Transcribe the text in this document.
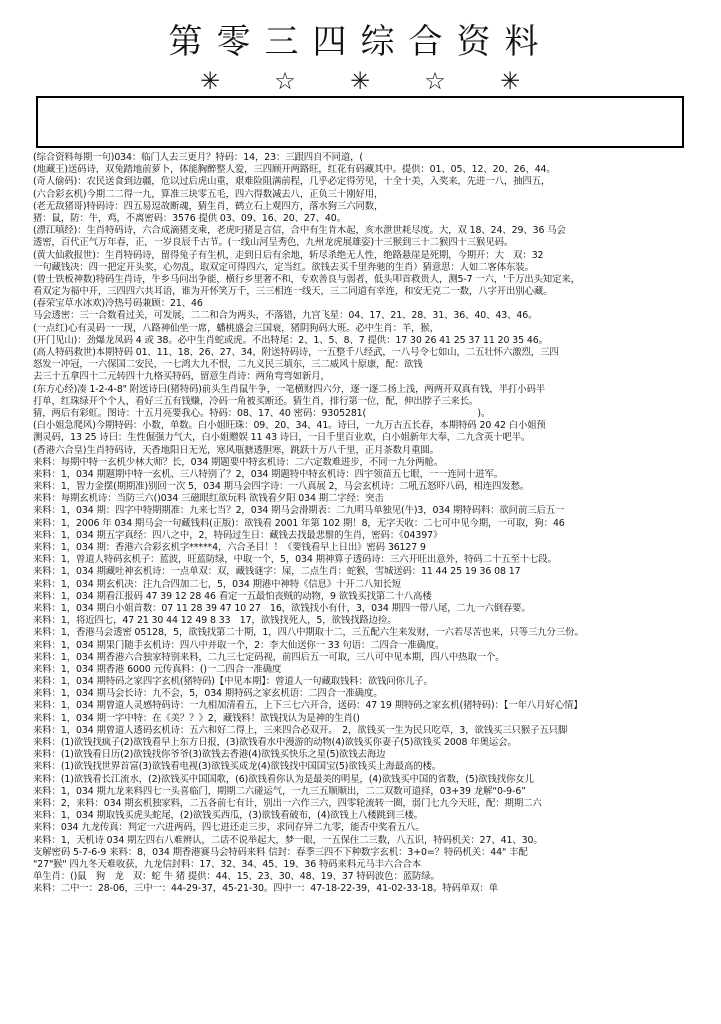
第零三四综合资料
✳	☆	✳	☆	✳
(综合资料每期一句)034：临门人去三更月？特码：14，23：三跟四自不同道，(
(地藏王)送码诗，双兔踏地前萝卜，体能胸醉整人爱，三四顾开两路旺，红花有码藏其中。提供：01、05、12、20、26、44。
(奇人偷码)：农民送食到边疆，危以过后虎山重，艰难险阻满前程，几乎必定得劳见，十全十美，入奖来，先进一八，抽四五，
(六合彩玄机)今期二二得一九，算准三块零五毛，四六得数减去八，正负三十刚好用，
(老无敌猪哥)特码诗：四五易逗故断魂，猜生肖，鹤立石上观四方，落水狗三六同数，
猪：鼠，防：牛，鸡，不离密码：3576 提供 03、09、16、20、27、40。
(漂江嗔经)：生肖特码诗，六合成滴猪支乘，老虎叼猪是言信，合中有生肯木起，亥水泄世耗尽度。大，双 18、24、29、36 马会
透密，百代正气万年春，正，一岁良辰千古节。(一线山河呈秀色，九州龙虎展雄姿)十三猴到三十二猴四十三猴见码。
(黄大仙救报世)：生肖特码诗，留得兔子有生机，走到日后有余地，斩尽杀绝无人性，绝路悬崖是死期，今期开：大　双：32
一句藏钱决：四一把定开头奖，心勿乱，取双定可得四六，定当红。欲钱去买千里奔驰的生肖）猜意思：人如二客体东装。
(曾士铁板神数)特码生肖诗，牛乡马问出争能，横行乡里奢不和，专欢善良与弱者，低头叩首救贵人，测5-7 一六，'千万出头知定来，
看双定为福中开，三四四六共耳语，谁为开怀笑万千，三三相连一线天，三二同道有幸连，和安无克二一数，八字开出别心藏。
(春荣宝草水冰欢)冷热号码兼顾：21、46
马会透密：三一合数看过关，可发展，二二和合为两头，不落错，九宫飞星：04、17、21、28、31、36、40、43、46。
(一点红)心有灵码一一现，八路神仙坐一席，蟠桃盛会三国衰，猪阴狗码大班。必中生肖：羊，猴，
(开门见山)：劲爆龙凤码 4 或 38。必中生肖蛇或虎。不出特尾：2、1、5、8、7 提供：17 30 26 41 25 37 11 20 35 46。
(高人特码救世)本期特码 01、11、18、26、27、34，附送特码诗，一五整千八经武，一八号令七如山，二五壮怀六激烈，三四
怒发一冲冠，一六保国二安民，一七鸿大九不恨，二九义民三填东，三二威风十原康，配：欲钱
去三十五拿四十二元转四十九格买特码，留意生肖诗：两角弯弯如新月，
(东方心经)凑 1-2-4-8" 附送诗曰(猪特码)前头生肖鼠牛争，一笔横财四六分，逐一逐二扬上浅，两两开双真有钱，半打小码半
打单，红珠绿开个个人，看好三五有钱赚，冷码一角被买断还。猜生肖，排行第一位，配，伸出脖子三来长。
猜，两后有彩虹。图诗：十五月亮要我心。特码：08、17、40 密码：9305281(　　　　　　　　　　　　)。
(白小姐急爬风)今期特码：小数，单数。白小姐旺珠：09、20、34、41。诗曰，一九万古五长春，本期特码 20 42 白小姐预
测灵码，13 25 诗曰：生性倔强力气大，白小姐赠娱 11 43 诗曰，一日千里百业欢，白小姐新年大奉，二九含英十吧半。
(香港六合皇)生肖特码诗，天香地阳日无光，寒风瓶搪透胆寒，跳跃十万八千里，正月茶数月重圆。
来料：每期中特一玄机少林大师？长，034 期题要中特玄机诗：二六定数难进步，不同一九分两舱。
来料：1，034 期题期中特一玄机、三八特别了？2，034 期题特中特玄机诗：四宇领苗五七眼，一一连同十进军。
来料：1，智力金摆(期期准)别回一次 5，034 期马会四字诗：一八真展 2，马会玄机诗：二吼五怒吓八码，相连四发愁。
来料：每期玄机诗：当防三六()034 三磁眼红欲玩料 欲钱看夕阳 034 期二字经：突击
来料：1，034 期：四字中特期期准：九来七当？2，034 期马会滑期表：二九明马单独见(牛)3，034 期特码料：欲问前三后五一
来料：1，2006 年 034 期马会一句藏钱料(正版)：欲钱看 2001 年第 102 期！8，无字天收：二七可中见今期，一可取，狗：46
来料：1，034 期五字真经：四八之中，2，特码过生日：藏钱去找最悲鬃的生肖，密码：《04397》
来料：1，034 期：香港六合彩玄机字*****4，六合圣目！！《要钱看早上日出》密码 36127 9
来料：1，曾道人特码玄机子：蓝波，旺蓝防绿，中取一个，5，034 期神算子透码诗：三六开旺出意外，特码二十五至十七段。
来料：1，034 期藏吐神玄机诗：一点单双：双，藏钱谜字：屎，二点生肖：蛇猴，雪城送码：11 44 25 19 36 08 17
来料：1，034 期玄机决：注九合四加二七，5，034 期港中神特《信息》十开二八知长短
来料：1，034 期看江报码 47 39 12 28 46 看定一五最怕丧贼的动物，9 欲钱买找第二十八高楼
来料：1，034 期白小姐首数：07 11 28 39 47 10 27　16，欲钱找小有什，3，034 期四一带八尾，二九一六倒春要。
来料：1，将近四七，47 21 30 44 12 49 8 33　17，欲钱找死人，5，欲钱找路边捡。
来料：1，香港马会透密 05128，5，欲钱找第二十期，1，四八中期取十二，三五配六生来发财，一六若尽苦也来，只等三九分三份。
来料：1，034 期果门随手玄机诗：四八中并取一个，2：李大仙送你一 33 句语：二四合一准确度。
来料：1，034 期香港六合独家特别来料，二九三七定码视，前四后五一可取，三八可中见本期，四八中热取一个。
来料：1，034 期香港 6000 元传真料：()一二四合一准确度
来料：1，034 期特码之家四字玄机(猪特码)【中见本期】：曾道人一句藏取钱料：欲钱问你儿子。
来料：1，034 期马会长诗：九不会，5，034 期特码之家玄机语：二四合一准确度。
来料：1，034 期曾道人灵感特码诗：一九相加清看五，上下三七六开合，送码：47 19 期特码之家玄机(猪特码)：【一年八月好心情】
来料：1，034 期一字中特：在《美？？》2，藏钱料！欲钱找认为是神的生肖()
来料：1，034 期曾道人透码玄机诗：五六和好二得上，三来四合必双开。　2，欲钱买一生为民只吃草，3，欲钱买三只猴子五只脚
来料：(1)欲钱找疯子(2)欲钱看早上东方日报，(3)欲钱看水中漫游的动物(4)欲钱买你妻子(5)欲钱买 2008 年奥运会。
来料：(1)欲钱看日历(2)欲钱找你爷爷(3)欲钱去香港(4)欲钱买快乐之星(5)欲钱去海边
来料：(1)欲钱找世界首富(3)欲钱看电视(3)欲钱买成龙(4)欲钱找中国国宝(5)欲钱买上海最高的楼。
来料：(1)欲钱看长江流水，(2)欲钱买中国国歌，(6)欲钱看你认为是最美的明星，(4)欲钱买中国的省数，(5)欲钱找你女儿
来料：1，034 期九龙来料四七一头喜临门，期期二六碰运气，一九三五顺顺出，二二双数可道择，03+39 龙解“0-9-6”
来料：2，来料：034 期玄机独家料，二五各前七有计，别出一六作三六，四零轮流转一圈，弱门七九今天旺，配：期期二六
来料：1，034 期取钱买虎头蛇尾，(2)欲钱买西瓜，(3)欲钱看破布，(4)欲钱上八楼跳到三楼。
来料：034 九龙传真：判定一六进两码，四七进还走三步，求同存异二九零，能否中奖看五八。
来料：1，天机诗 034 期左四右八难辨认，二话不说举起大，梦一眼，一五保住二三数，八五识，特码机关：27、41、30。
支解密码 5-7-6-9 来料：8，034 期香港赛马会特码来料 信封：春季三四不下种数字玄机：3+0=？特码机关：44" 丰配
"27"猴" 四九冬天难收获，九龙信封料：17、32、34、45、19、36 特码来料元马丰六合合本
单生肖：()鼠　狗　龙　双：蛇 牛 猪 提供：44、15、23、30、48、19、37 特码波色：蓝防绿。
来料：二中一：28-06，三中一：44-29-37，45-21-30。四中一：47-18-22-39，41-02-33-18。特码单双：单
